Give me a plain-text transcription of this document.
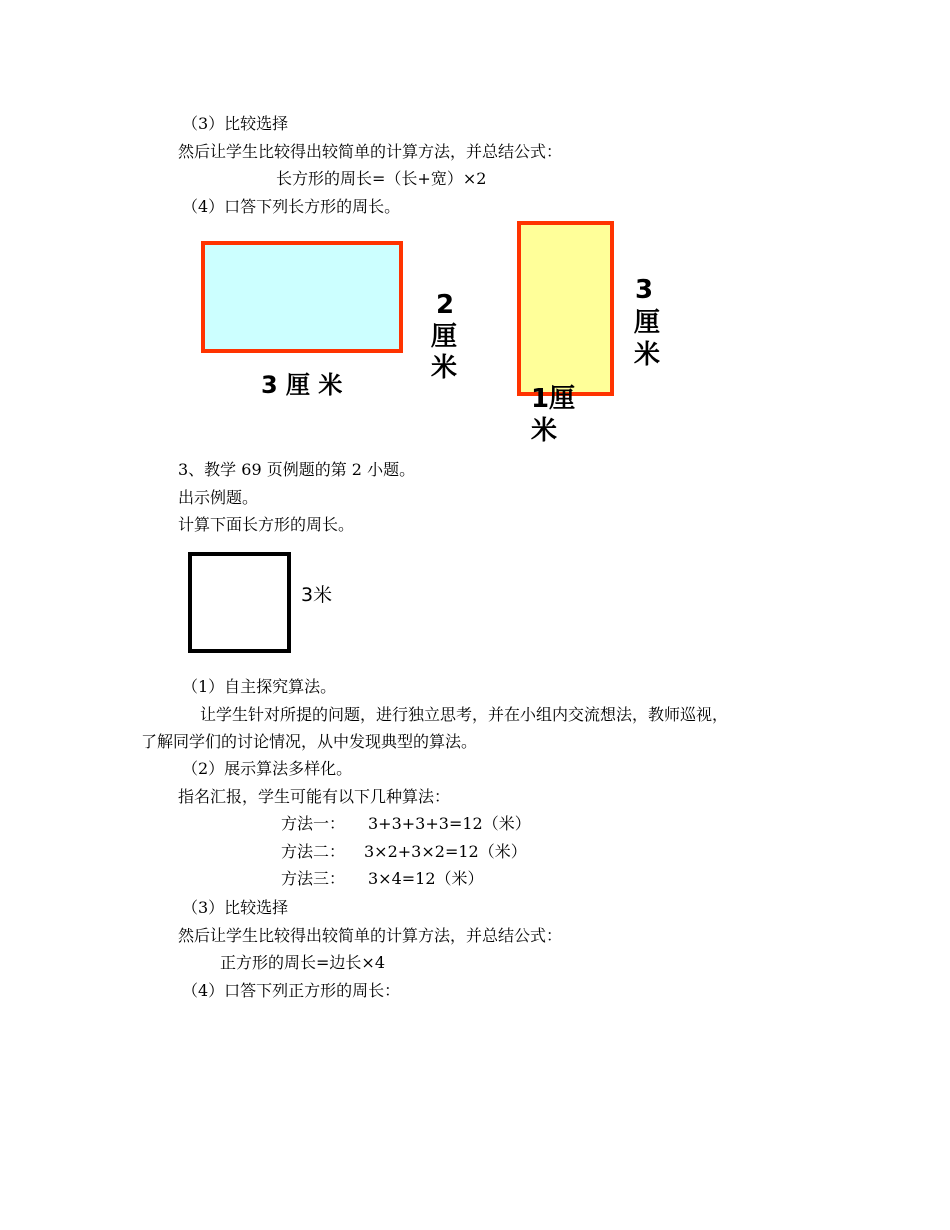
（3）比较选择
然后让学生比较得出较简单的计算方法，并总结公式：
长方形的周长=（长+宽）×2
（4）口答下列长方形的周长。
3 厘 米
2
厘
米
3
厘
米
1厘
米
3、教学 69 页例题的第 2 小题。
出示例题。
计算下面长方形的周长。
3米
（1）自主探究算法。
让学生针对所提的问题，进行独立思考，并在小组内交流想法，教师巡视，
了解同学们的讨论情况，从中发现典型的算法。
（2）展示算法多样化。
指名汇报，学生可能有以下几种算法：
方法一： 3+3+3+3=12（米）
方法二： 3×2+3×2=12（米）
方法三： 3×4=12（米）
（3）比较选择
然后让学生比较得出较简单的计算方法，并总结公式：
正方形的周长=边长×4
（4）口答下列正方形的周长：
